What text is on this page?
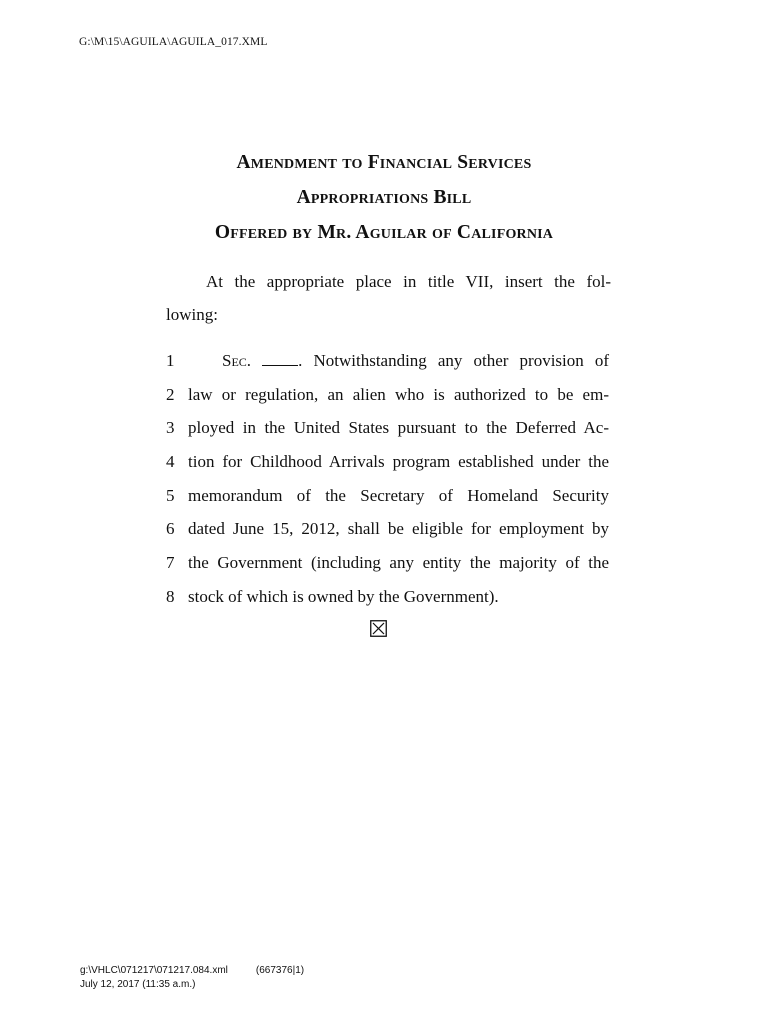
G:\M\15\AGUILA\AGUILA_017.XML
Amendment to Financial Services
Appropriations Bill
Offered by Mr. Aguilar of California
At the appropriate place in title VII, insert the fol-
lowing:
1	Sec.	. Notwithstanding any other provision of
2 law or regulation, an alien who is authorized to be em-
3 ployed in the United States pursuant to the Deferred Ac-
4 tion for Childhood Arrivals program established under the
5 memorandum of the Secretary of Homeland Security
6 dated June 15, 2012, shall be eligible for employment by
7 the Government (including any entity the majority of the
8 stock of which is owned by the Government).
g:\VHLC\071217\071217.084.xml	(667376|1)
July 12, 2017 (11:35 a.m.)
